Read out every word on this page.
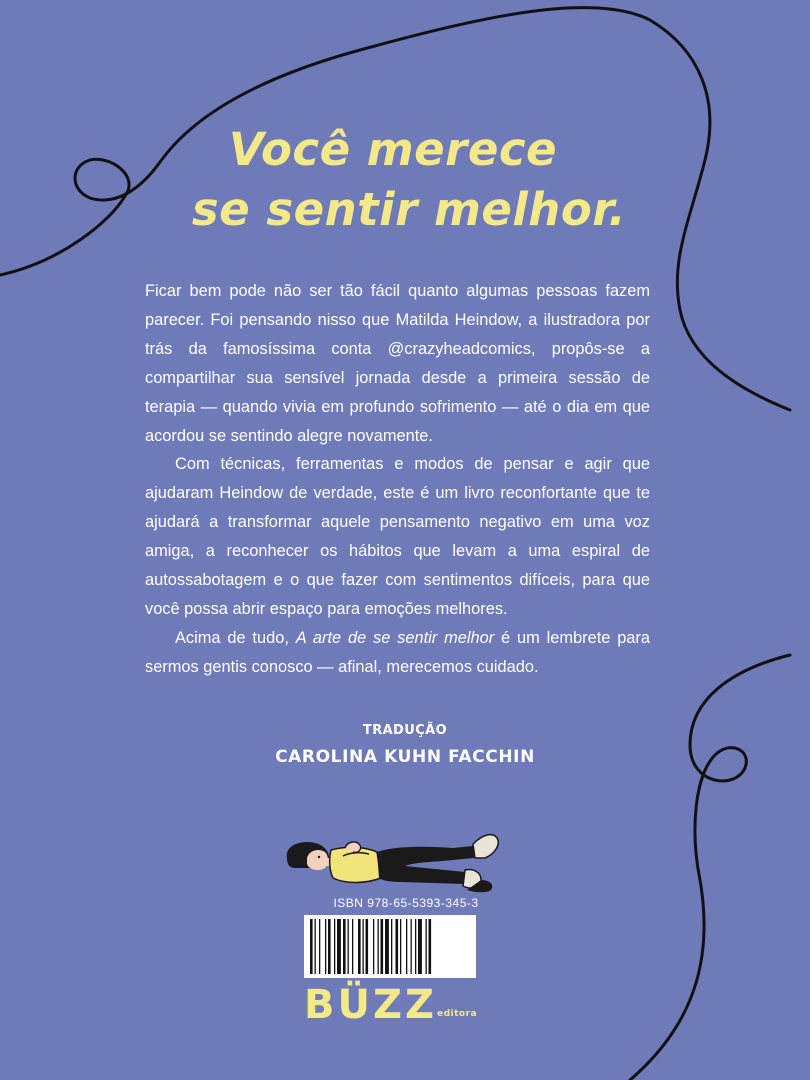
Você merece
se sentir melhor.

Ficar bem pode não ser tão fácil quanto algumas pessoas fazem parecer. Foi pensando nisso que Matilda Heindow, a ilustradora por trás da famosíssima conta @crazyheadcomics, propôs-se a compartilhar sua sensível jornada desde a primeira sessão de terapia — quando vivia em profundo sofrimento — até o dia em que acordou se sentindo alegre novamente.

Com técnicas, ferramentas e modos de pensar e agir que ajudaram Heindow de verdade, este é um livro reconfortante que te ajudará a transformar aquele pensamento negativo em uma voz amiga, a reconhecer os hábitos que levam a uma espiral de autossabotagem e o que fazer com sentimentos difíceis, para que você possa abrir espaço para emoções melhores.

Acima de tudo, A arte de se sentir melhor é um lembrete para sermos gentis conosco — afinal, merecemos cuidado.

TRADUÇÃO
CAROLINA KUHN FACCHIN
ISBN 978-65-5393-345-3
BÜZZ editora
